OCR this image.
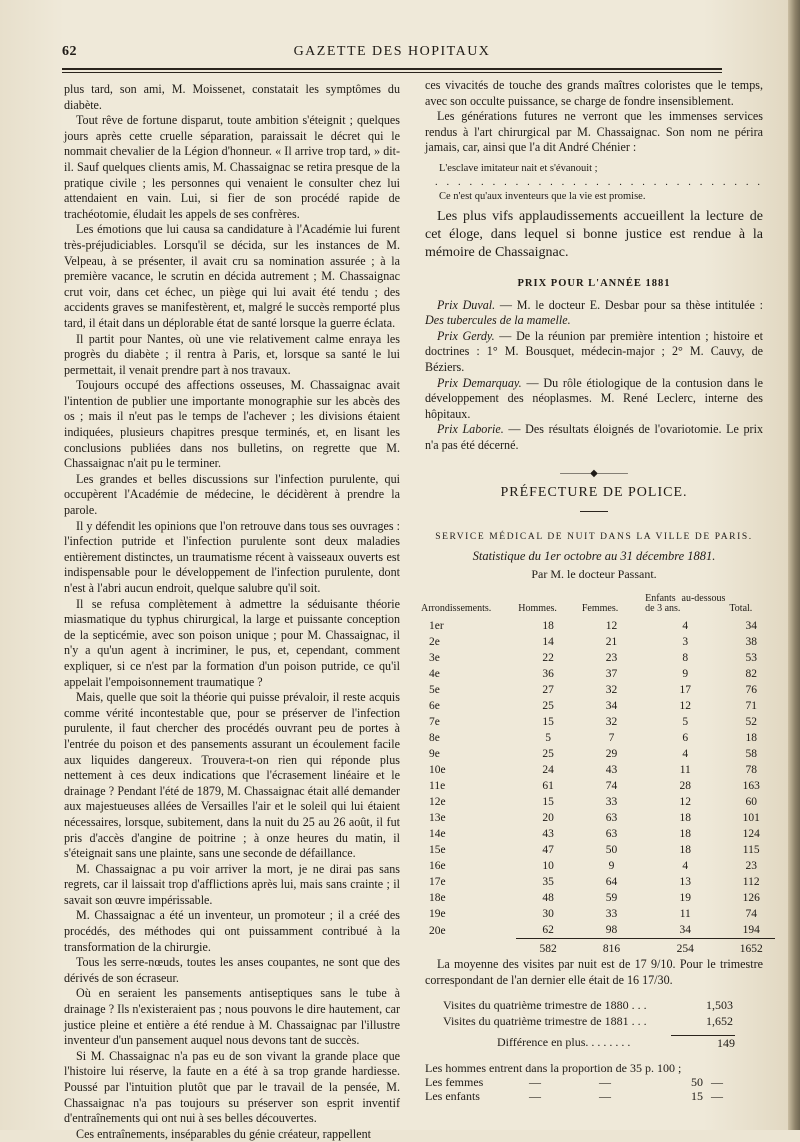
62	GAZETTE DES HOPITAUX

plus tard, son ami, M. Moissenet, constatait les symptômes du diabète.

Tout rêve de fortune disparut, toute ambition s'éteignit ; quelques jours après cette cruelle séparation, paraissait le décret qui le nommait chevalier de la Légion d'honneur. « Il arrive trop tard, » dit-il. Sauf quelques clients amis, M. Chassaignac se retira presque de la pratique civile ; les personnes qui venaient le consulter chez lui attendaient en vain. Lui, si fier de son procédé rapide de trachéotomie, éludait les appels de ses confrères.

Les émotions que lui causa sa candidature à l'Académie lui furent très-préjudiciables. Lorsqu'il se décida, sur les instances de M. Velpeau, à se présenter, il avait cru sa nomination assurée ; à la première vacance, le scrutin en décida autrement ; M. Chassaignac crut voir, dans cet échec, un piège qui lui avait été tendu ; des accidents graves se manifestèrent, et, malgré le succès remporté plus tard, il était dans un déplorable état de santé lorsque la guerre éclata.

Il partit pour Nantes, où une vie relativement calme enraya les progrès du diabète ; il rentra à Paris, et, lorsque sa santé le lui permettait, il venait prendre part à nos travaux.

Toujours occupé des affections osseuses, M. Chassaignac avait l'intention de publier une importante monographie sur les abcès des os ; mais il n'eut pas le temps de l'achever ; les divisions étaient indiquées, plusieurs chapitres presque terminés, et, en lisant les conclusions publiées dans nos bulletins, on regrette que M. Chassaignac n'ait pu le terminer.

Les grandes et belles discussions sur l'infection purulente, qui occupèrent l'Académie de médecine, le décidèrent à prendre la parole.

Il y défendit les opinions que l'on retrouve dans tous ses ouvrages : l'infection putride et l'infection purulente sont deux maladies entièrement distinctes, un traumatisme récent à vaisseaux ouverts est indispensable pour le développement de l'infection purulente, dont n'est à l'abri aucun endroit, quelque salubre qu'il soit.

Il se refusa complètement à admettre la séduisante théorie miasmatique du typhus chirurgical, la large et puissante conception de la septicémie, avec son poison unique ; pour M. Chassaignac, il n'y a qu'un agent à incriminer, le pus, et, cependant, comment expliquer, si ce n'est par la formation d'un poison putride, ce qu'il appelait l'empoisonnement traumatique ?

Mais, quelle que soit la théorie qui puisse prévaloir, il reste acquis comme vérité incontestable que, pour se préserver de l'infection purulente, il faut chercher des procédés ouvrant peu de portes à l'entrée du poison et des pansements assurant un écoulement facile aux liquides dangereux. Trouvera-t-on rien qui réponde plus nettement à ces deux indications que l'écrasement linéaire et le drainage ? Pendant l'été de 1879, M. Chassaignac était allé demander aux majestueuses allées de Versailles l'air et le soleil qui lui étaient nécessaires, lorsque, subitement, dans la nuit du 25 au 26 août, il fut pris d'accès d'angine de poitrine ; à onze heures du matin, il s'éteignait sans une plainte, sans une seconde de défaillance.

M. Chassaignac a pu voir arriver la mort, je ne dirai pas sans regrets, car il laissait trop d'afflictions après lui, mais sans crainte ; il savait son œuvre impérissable.

M. Chassaignac a été un inventeur, un promoteur ; il a créé des procédés, des méthodes qui ont puissamment contribué à la transformation de la chirurgie.

Tous les serre-nœuds, toutes les anses coupantes, ne sont que des dérivés de son écraseur.

Où en seraient les pansements antiseptiques sans le tube à drainage ? Ils n'existeraient pas ; nous pouvons le dire hautement, car justice pleine et entière a été rendue à M. Chassaignac par l'illustre inventeur d'un pansement auquel nous devons tant de succès.

Si M. Chassaignac n'a pas eu de son vivant la grande place que l'histoire lui réserve, la faute en a été à sa trop grande hardiesse. Poussé par l'intuition plutôt que par le travail de la pensée, M. Chassaignac n'a pas toujours su préserver son esprit inventif d'entraînements qui ont nui à ses belles découvertes.

Ces entraînements, inséparables du génie créateur, rappellent

ces vivacités de touche des grands maîtres coloristes que le temps, avec son occulte puissance, se charge de fondre insensiblement.

Les générations futures ne verront que les immenses services rendus à l'art chirurgical par M. Chassaignac. Son nom ne périra jamais, car, ainsi que l'a dit André Chénier :

L'esclave imitateur nait et s'évanouit ;
. . . . . . . . . . . . . . . . . . . . . . . . . . . . .
Ce n'est qu'aux inventeurs que la vie est promise.

Les plus vifs applaudissements accueillent la lecture de cet éloge, dans lequel si bonne justice est rendue à la mémoire de Chassaignac.

PRIX POUR L'ANNÉE 1881

Prix Duval. — M. le docteur E. Desbar pour sa thèse intitulée : Des tubercules de la mamelle.

Prix Gerdy. — De la réunion par première intention ; histoire et doctrines : 1° M. Bousquet, médecin-major ; 2° M. Cauvy, de Béziers.

Prix Demarquay. — Du rôle étiologique de la contusion dans le développement des néoplasmes. M. René Leclerc, interne des hôpitaux.

Prix Laborie. — Des résultats éloignés de l'ovariotomie. Le prix n'a pas été décerné.

———◆———
PRÉFECTURE DE POLICE.
SERVICE MÉDICAL DE NUIT DANS LA VILLE DE PARIS.
Statistique du 1er octobre au 31 décembre 1881.
Par M. le docteur Passant.
Arrondissements.	Hommes.	Femmes.	Enfants au-dessous de 3 ans.	Total.
1er	18	12	4	34
2e	14	21	3	38
3e	22	23	8	53
4e	36	37	9	82
5e	27	32	17	76
6e	25	34	12	71
7e	15	32	5	52
8e	5	7	6	18
9e	25	29	4	58
10e	24	43	11	78
11e	61	74	28	163
12e	15	33	12	60
13e	20	63	18	101
14e	43	63	18	124
15e	47	50	18	115
16e	10	9	4	23
17e	35	64	13	112
18e	48	59	19	126
19e	30	33	11	74
20e	62	98	34	194
	582	816	254	1652

La moyenne des visites par nuit est de 17 9/10. Pour le trimestre correspondant de l'an dernier elle était de 16 17/30.

Visites du quatrième trimestre de 1880 . . .	1,503
Visites du quatrième trimestre de 1881 . . .	1,652
Différence en plus. . . . . . . .	149
Les hommes entrent dans la proportion de 35 p. 100 ;
Les femmes	—	—	50 —
Les enfants	—	—	15 —
